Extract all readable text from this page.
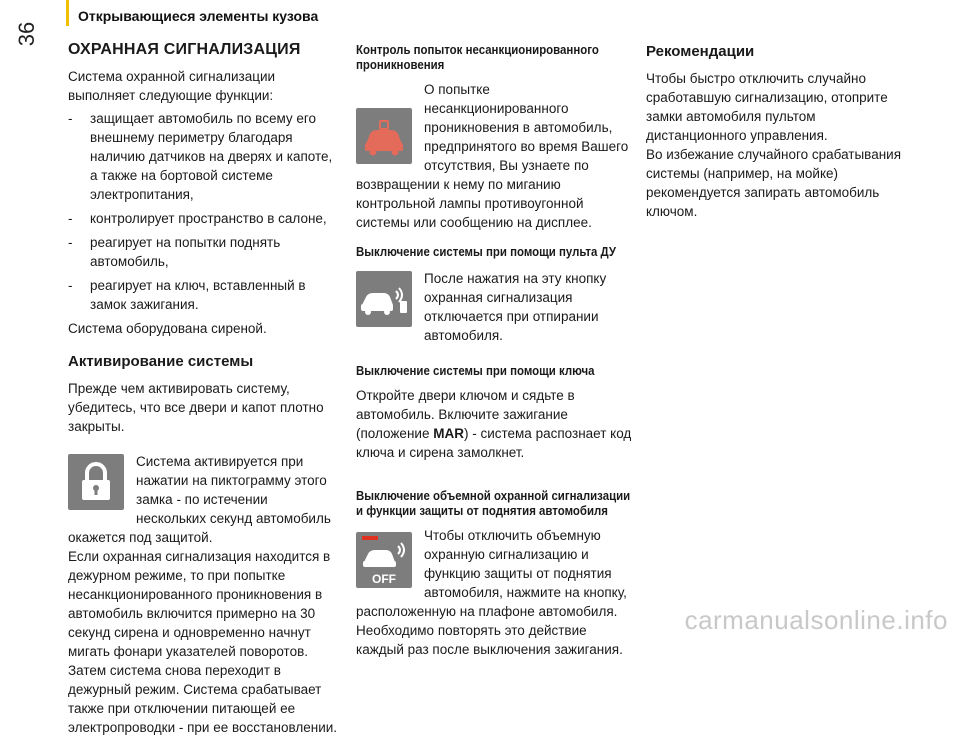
36
Открывающиеся элементы кузова
ОХРАННАЯ СИГНАЛИЗАЦИЯ

Система охранной сигнализации выполняет следующие функции:

- защищает автомобиль по всему его внешнему периметру благодаря наличию датчиков на дверях и капоте, а также на бортовой системе электропитания,
- контролирует пространство в салоне,
- реагирует на попытки поднять автомобиль,
- реагирует на ключ, вставленный в замок зажигания.

Система оборудована сиреной.

Активирование системы

Прежде чем активировать систему, убедитесь, что все двери и капот плотно закрыты.

Система активируется при нажатии на пиктограмму этого замка - по истечении нескольких секунд автомобиль окажется под защитой.

Если охранная сигнализация находится в дежурном режиме, то при попытке несанкционированного проникновения в автомобиль включится примерно на 30 секунд сирена и одновременно начнут мигать фонари указателей поворотов. Затем система снова переходит в дежурный режим. Система срабатывает также при отключении питающей ее электропроводки - при ее восстановлении.

Контроль попыток несанкционированного проникновения

О попытке несанкционированного проникновения в автомобиль, предпринятого во время Вашего отсутствия, Вы узнаете по возвращении к нему по миганию контрольной лампы противоугонной системы или сообщению на дисплее.

Выключение системы при помощи пульта ДУ

После нажатия на эту кнопку охранная сигнализация отключается при отпирании автомобиля.

Выключение системы при помощи ключа

Откройте двери ключом и сядьте в автомобиль. Включите зажигание (положение MAR) - система распознает код ключа и сирена замолкнет.

Выключение объемной охранной сигнализации и функции защиты от поднятия автомобиля
OFF

Чтобы отключить объемную охранную сигнализацию и функцию защиты от поднятия автомобиля, нажмите на кнопку, расположенную на плафоне автомобиля. Необходимо повторять это действие каждый раз после выключения зажигания.

Рекомендации

Чтобы быстро отключить случайно сработавшую сигнализацию, отоприте замки автомобиля пультом дистанционного управления.

Во избежание случайного срабатывания системы (например, на мойке) рекомендуется запирать автомобиль ключом.

carmanualsonline.info
